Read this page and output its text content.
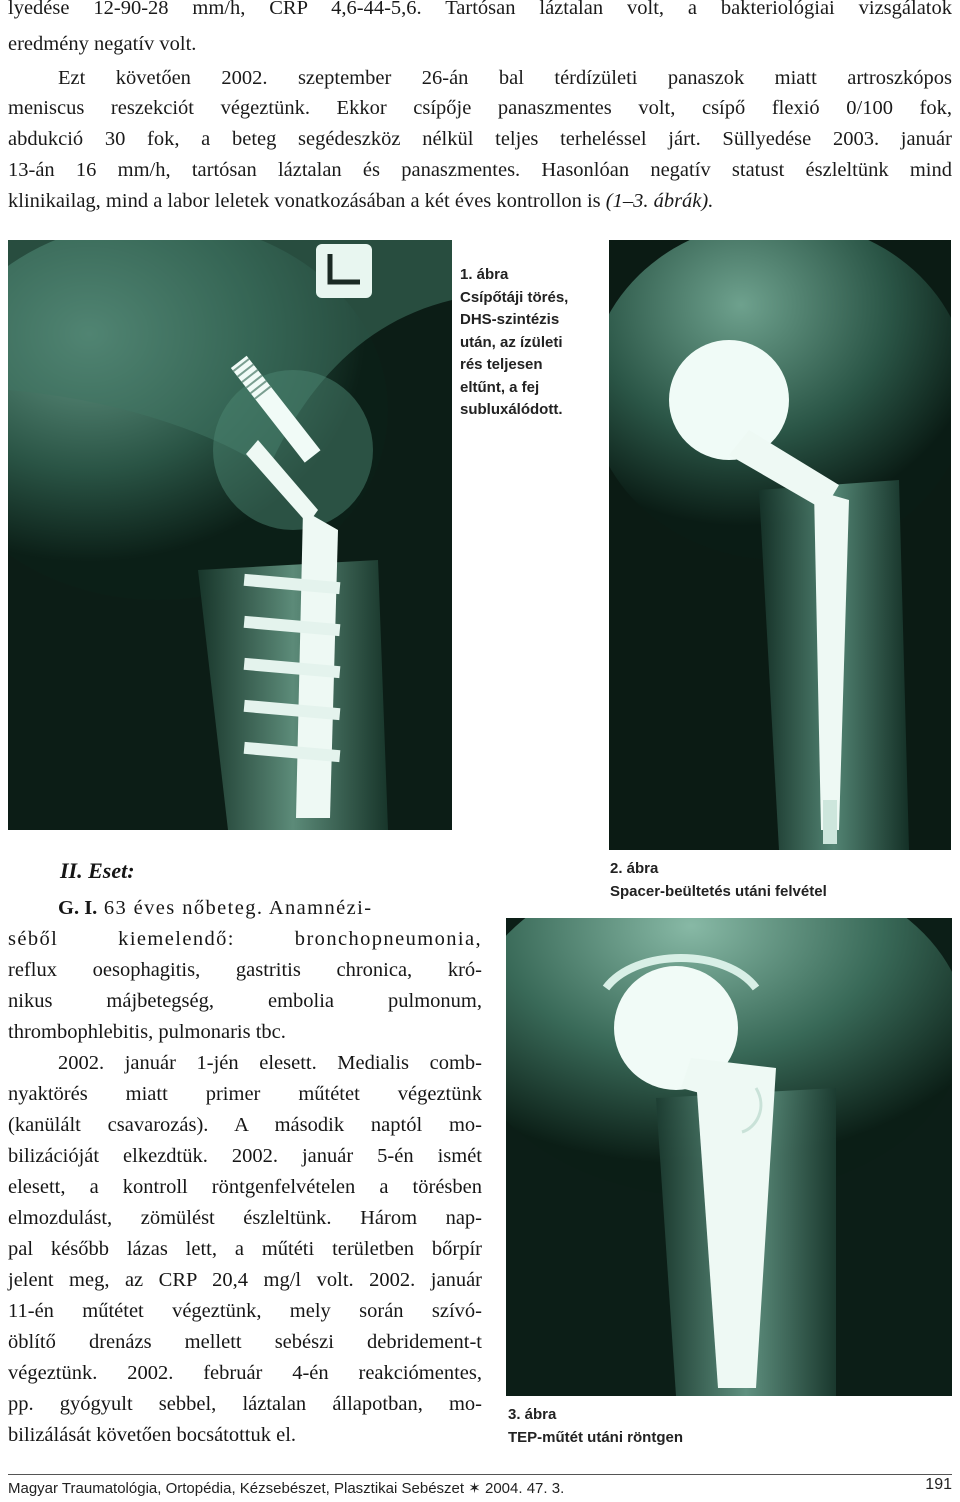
lyedése 12-90-28 mm/h, CRP 4,6-44-5,6. Tartósan láztalan volt, a bakteriológiai vizsgálatok
eredmény negatív volt.
Ezt követően 2002. szeptember 26-án bal térdízületi panaszok miatt artroszkópos
meniscus reszekciót végeztünk. Ekkor csípője panaszmentes volt, csípő flexió 0/100 fok,
abdukció 30 fok, a beteg segédeszköz nélkül teljes terheléssel járt. Süllyedése 2003. január
13-án 16 mm/h, tartósan láztalan és panaszmentes. Hasonlóan negatív statust észleltünk mind
klinikailag, mind a labor leletek vonatkozásában a két éves kontrollon is (1–3. ábrák).
1. ábra
Csípőtáji törés,
DHS-szintézis
után, az ízületi
rés teljesen
eltűnt, a fej
subluxálódott.
2. ábra
Spacer-beültetés utáni felvétel
3. ábra
TEP-műtét utáni röntgen
II. Eset:
G. I. 63 éves nőbeteg. Anamnézi-
séből kiemelendő: bronchopneumonia,
reflux oesophagitis, gastritis chronica, kró-
nikus májbetegség, embolia pulmonum,
thrombophlebitis, pulmonaris tbc.
2002. január 1-jén elesett. Medialis comb-
nyaktörés miatt primer műtétet végeztünk
(kanülált csavarozás). A második naptól mo-
bilizációját elkezdtük. 2002. január 5-én ismét
elesett, a kontroll röntgenfelvételen a törésben
elmozdulást, zömülést észleltünk. Három nap-
pal később lázas lett, a műtéti területben bőrpír
jelent meg, az CRP 20,4 mg/l volt. 2002. január
11-én műtétet végeztünk, mely során szívó-
öblítő drenázs mellett sebészi debridement-t
végeztünk. 2002. február 4-én reakciómentes,
pp. gyógyult sebbel, láztalan állapotban, mo-
bilizálását követően bocsátottuk el.
Magyar Traumatológia, Ortopédia, Kézsebészet, Plasztikai Sebészet ✶ 2004. 47. 3.	191
